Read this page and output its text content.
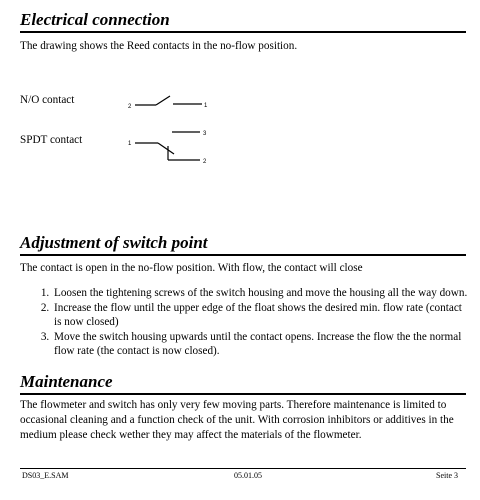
Electrical connection
The drawing shows the Reed contacts in the no-flow position.
N/O contact
SPDT contact
2	1
3
1
2
Adjustment of switch point
The contact is open in the no-flow position. With flow, the contact will close
1. Loosen the tightening screws of the switch housing and move the housing all the way down.
2. Increase the flow until the upper edge of the float shows the desired min. flow rate (contact is now closed)
3. Move the switch housing upwards until the contact opens. Increase the flow the the normal flow rate (the contact is now closed).
Maintenance
The flowmeter and switch has only very few moving parts. Therefore maintenance is limited to occasional cleaning and a function check of the unit. With corrosion inhibitors or additives in the medium please check wether they may affect the materials of the flowmeter.
DS03_E.SAM	05.01.05	Seite 3
